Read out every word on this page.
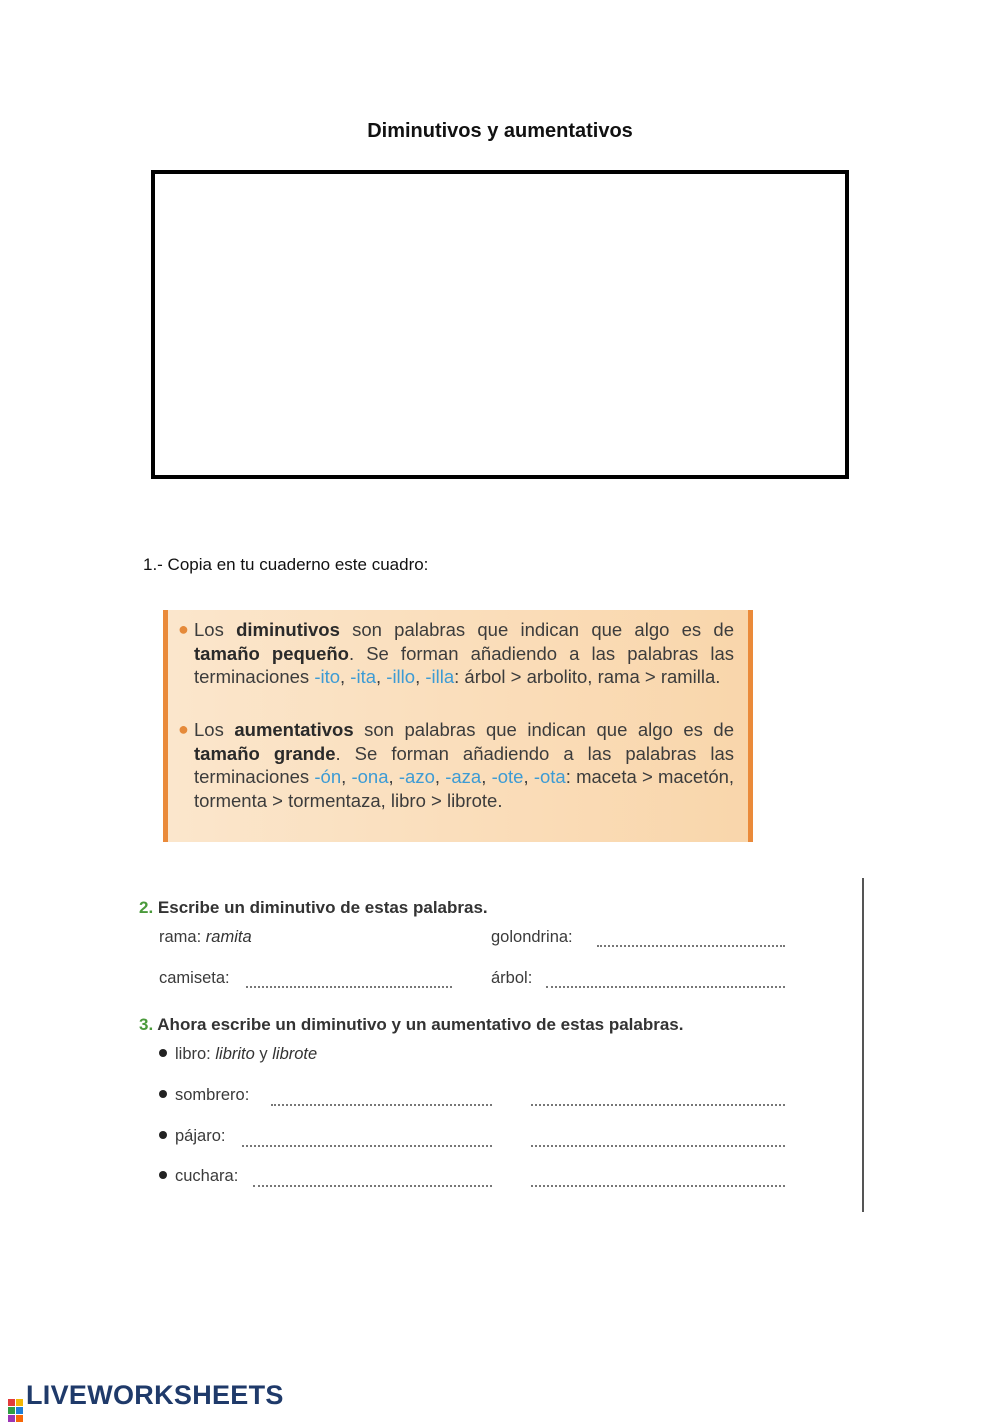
Diminutivos y aumentativos
1.- Copia en tu cuaderno este cuadro:
● Los diminutivos son palabras que indican que algo es de tamaño pequeño. Se forman añadiendo a las palabras las terminaciones -ito, -ita, -illo, -illa: árbol > arbolito, rama > ramilla.
● Los aumentativos son palabras que indican que algo es de tamaño grande. Se forman añadiendo a las palabras las terminaciones -ón, -ona, -azo, -aza, -ote, -ota: maceta > macetón, tormenta > tormentaza, libro > librote.
2. Escribe un diminutivo de estas palabras.
rama: ramita	golondrina:
camiseta:	árbol:
3. Ahora escribe un diminutivo y un aumentativo de estas palabras.
libro: librito y librote
sombrero:
pájaro:
cuchara:
LIVEWORKSHEETS
